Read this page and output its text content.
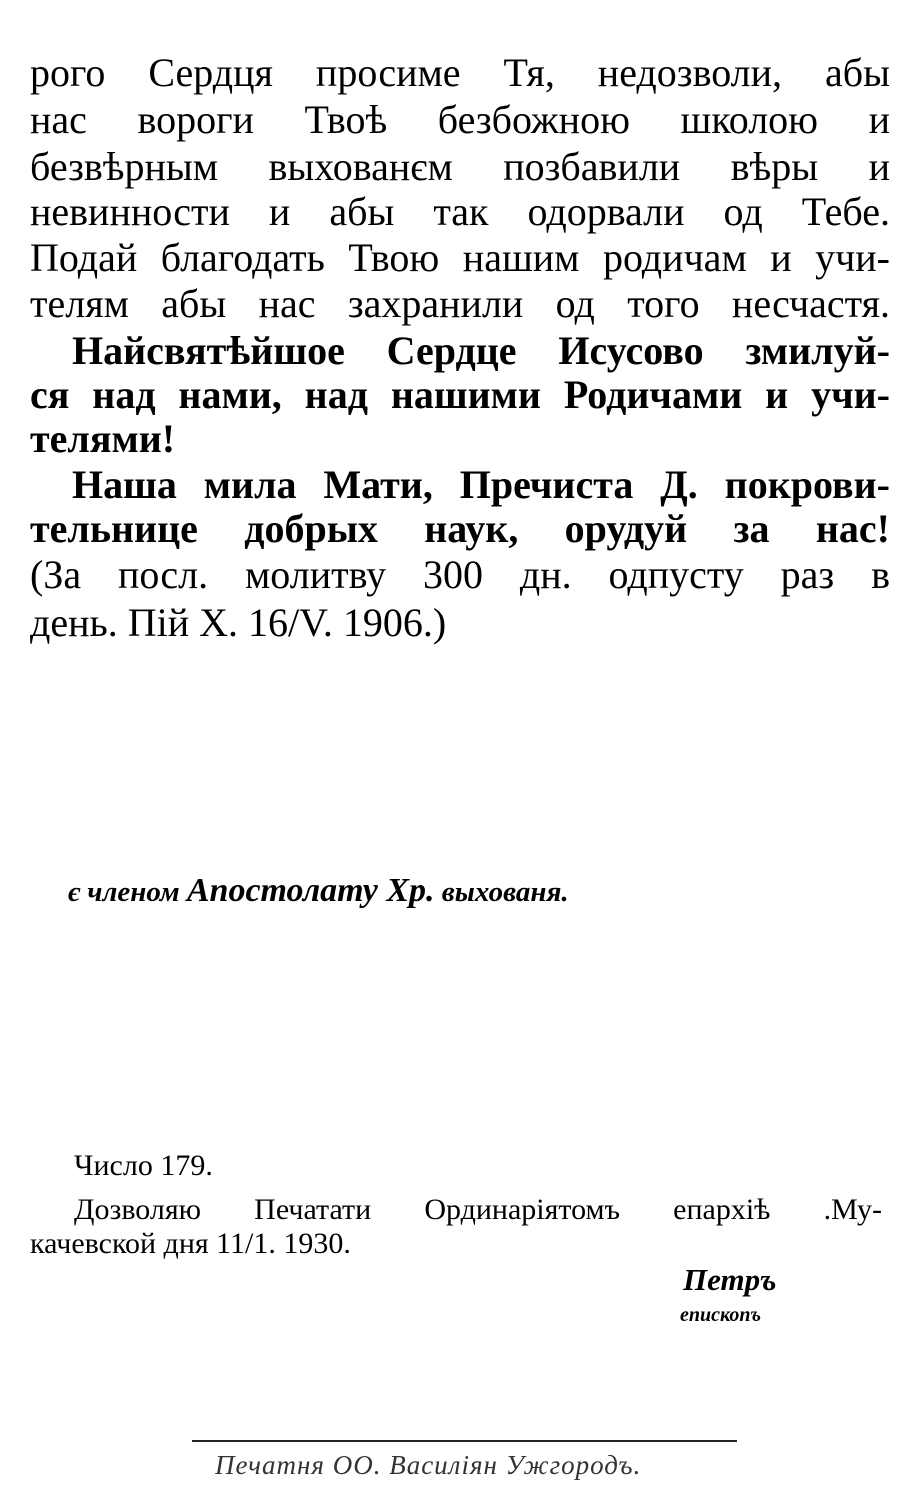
рого Сердця просиме Тя, недозволи, абы
нас вороги Твоѣ безбожною школою и
безвѣрным выхованєм позбавили вѣры и
невинности и абы так одорвали од Тебе.
Подай благодать Твою нашим родичам и учи-
телям абы нас захранили од того несчастя.
Найсвятѣйшое Сердце Исусово змилуй-
ся над нами, над нашими Родичами и учи-
телями!
Наша мила Мати, Пречиста Д. покрови-
тельнице добрых наук, орудуй за нас!
(За посл. молитву 300 дн. одпусту раз в
день. Пій X. 16/V. 1906.)
є членом Апостолату Хр. выхованя.
Число 179.
Дозволяю Печатати Ординаріятомъ епархіѣ .Му-
качевской дня 11/1. 1930.
Петръ
епископъ
Печатня ОО. Василіян Ужгородъ.
